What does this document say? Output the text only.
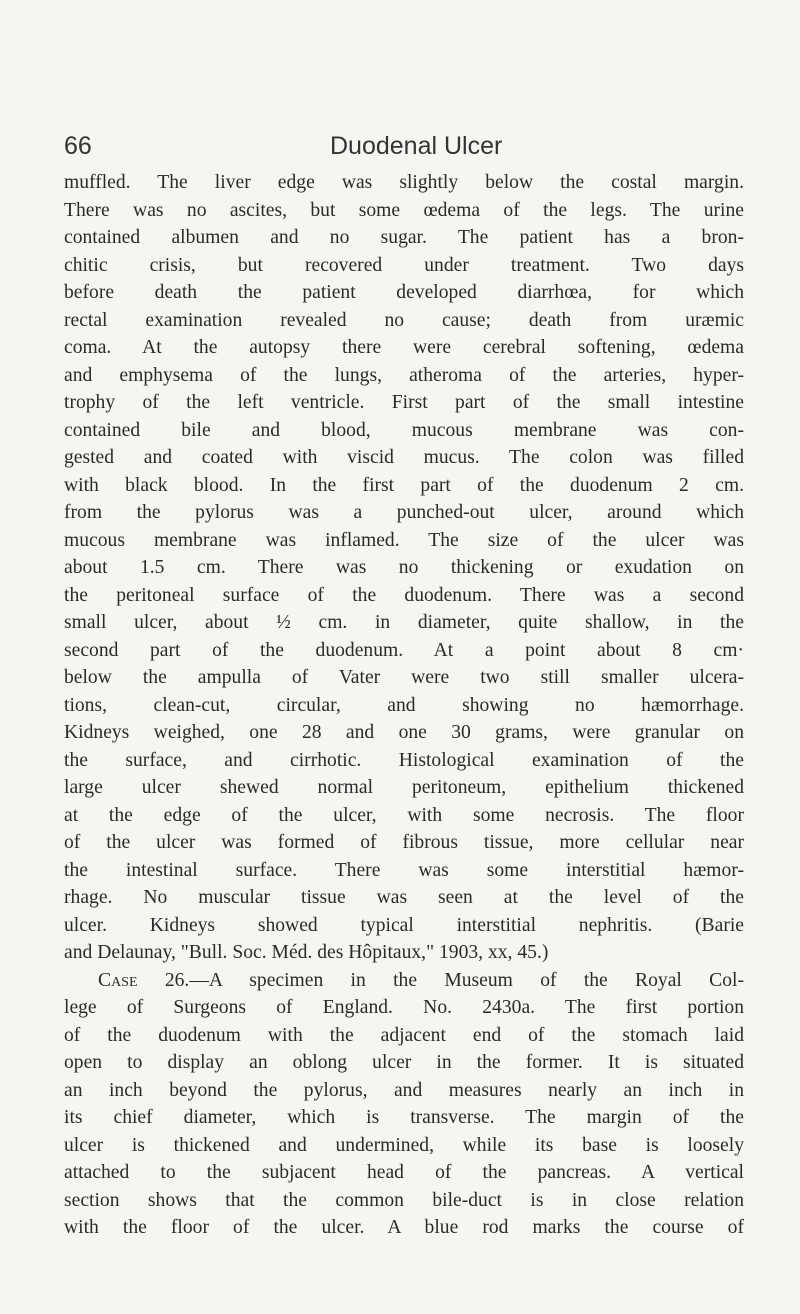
66	Duodenal Ulcer
muffled. The liver edge was slightly below the costal margin.
There was no ascites, but some œdema of the legs. The urine
contained albumen and no sugar. The patient has a bron-
chitic crisis, but recovered under treatment. Two days
before death the patient developed diarrhœa, for which
rectal examination revealed no cause; death from uræmic
coma. At the autopsy there were cerebral softening, œdema
and emphysema of the lungs, atheroma of the arteries, hyper-
trophy of the left ventricle. First part of the small intestine
contained bile and blood, mucous membrane was con-
gested and coated with viscid mucus. The colon was filled
with black blood. In the first part of the duodenum 2 cm.
from the pylorus was a punched-out ulcer, around which
mucous membrane was inflamed. The size of the ulcer was
about 1.5 cm. There was no thickening or exudation on
the peritoneal surface of the duodenum. There was a second
small ulcer, about ½ cm. in diameter, quite shallow, in the
second part of the duodenum. At a point about 8 cm·
below the ampulla of Vater were two still smaller ulcera-
tions, clean-cut, circular, and showing no hæmorrhage.
Kidneys weighed, one 28 and one 30 grams, were granular on
the surface, and cirrhotic. Histological examination of the
large ulcer shewed normal peritoneum, epithelium thickened
at the edge of the ulcer, with some necrosis. The floor
of the ulcer was formed of fibrous tissue, more cellular near
the intestinal surface. There was some interstitial hæmor-
rhage. No muscular tissue was seen at the level of the
ulcer. Kidneys showed typical interstitial nephritis. (Barie
and Delaunay, "Bull. Soc. Méd. des Hôpitaux," 1903, xx, 45.)
Case 26.—A specimen in the Museum of the Royal Col-
lege of Surgeons of England. No. 2430a. The first portion
of the duodenum with the adjacent end of the stomach laid
open to display an oblong ulcer in the former. It is situated
an inch beyond the pylorus, and measures nearly an inch in
its chief diameter, which is transverse. The margin of the
ulcer is thickened and undermined, while its base is loosely
attached to the subjacent head of the pancreas. A vertical
section shows that the common bile-duct is in close relation
with the floor of the ulcer. A blue rod marks the course of
